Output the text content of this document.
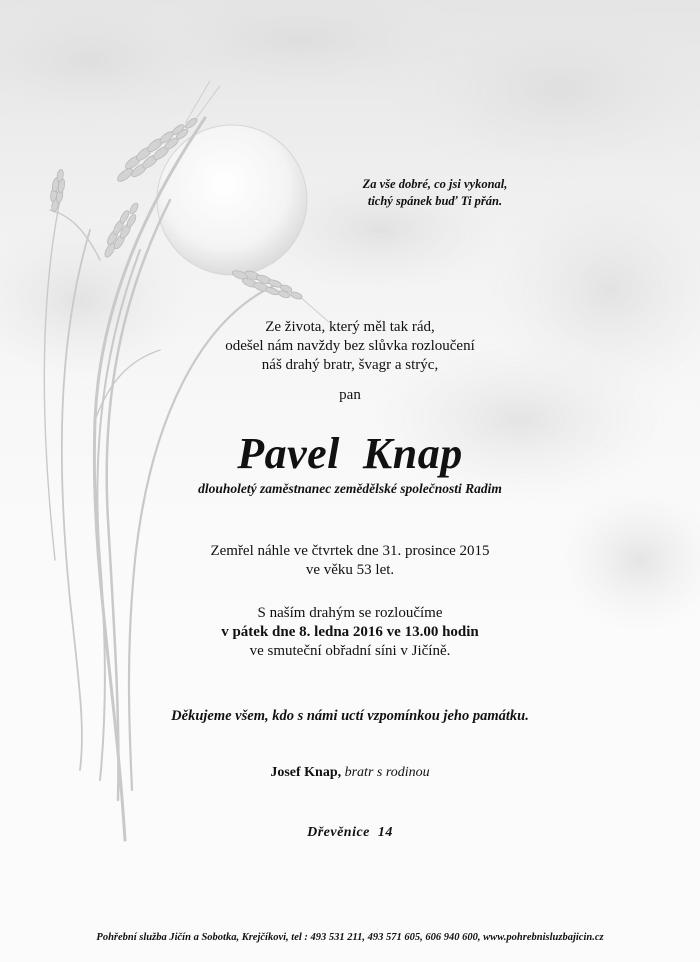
Za vše dobré, co jsi vykonal,
tichý spánek buď Ti přán.
Ze života, který měl tak rád,
odešel nám navždy bez slůvka rozloučení
náš drahý bratr, švagr a strýc,
pan
Pavel  Knap
dlouholetý zaměstnanec zemědělské společnosti Radim
Zemřel náhle ve čtvrtek dne 31. prosince 2015
ve věku 53 let.
S naším drahým se rozloučíme
v pátek dne 8. ledna 2016 ve 13.00 hodin
ve smuteční obřadní síni v Jičíně.
Děkujeme všem, kdo s námi uctí vzpomínkou jeho památku.
Josef Knap, bratr s rodinou
Dřevěnice  14
Pohřební služba Jičín a Sobotka, Krejčíkovi, tel : 493 531 211, 493 571 605, 606 940 600, www.pohrebnisluzbajicin.cz
